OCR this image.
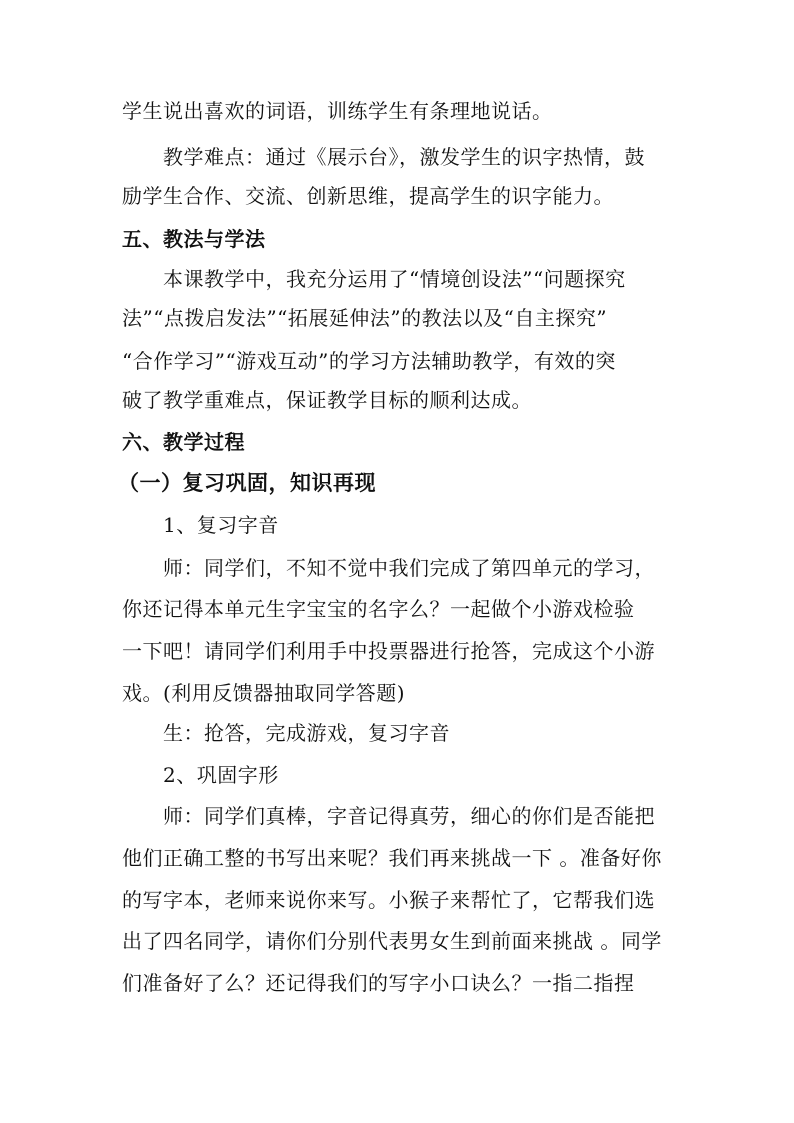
学生说出喜欢的词语，训练学生有条理地说话。
教学难点：通过《展示台》，激发学生的识字热情，鼓
励学生合作、交流、创新思维，提高学生的识字能力。
五、教法与学法
本课教学中，我充分运用了“情境创设法”“问题探究
法”“点拨启发法”“拓展延伸法”的教法以及“自主探究”
“合作学习”“游戏互动”的学习方法辅助教学，有效的突
破了教学重难点，保证教学目标的顺利达成。
六、教学过程
（一）复习巩固，知识再现
1、复习字音
师：同学们，不知不觉中我们完成了第四单元的学习，
你还记得本单元生字宝宝的名字么？一起做个小游戏检验
一下吧！请同学们利用手中投票器进行抢答，完成这个小游
戏。(利用反馈器抽取同学答题)
生：抢答，完成游戏，复习字音
2、巩固字形
师：同学们真棒，字音记得真劳，细心的你们是否能把
他们正确工整的书写出来呢？我们再来挑战一下 。准备好你
的写字本，老师来说你来写。小猴子来帮忙了，它帮我们选
出了四名同学，请你们分别代表男女生到前面来挑战 。同学
们准备好了么？还记得我们的写字小口诀么？一指二指捏
